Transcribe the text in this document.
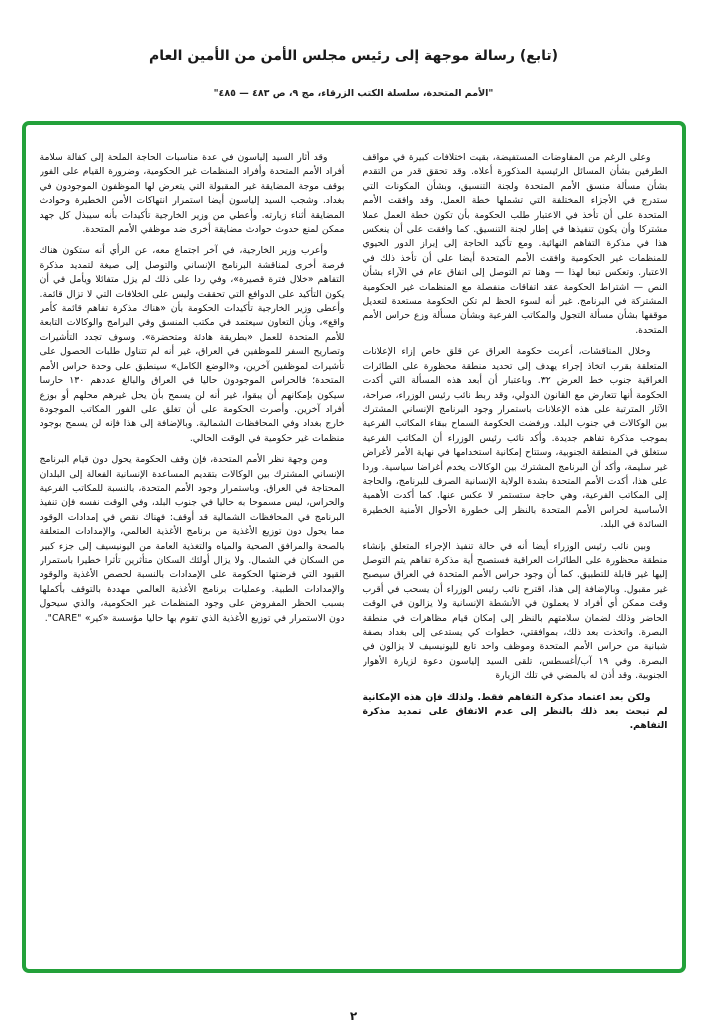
(تابع) رسالة موجهة إلى رئيس مجلس الأمن من الأمين العام
"الأمم المتحدة، سلسلة الكتب الزرقاء، مج ٩، ص ٤٨٣ — ٤٨٥"

وعلى الرغم من المفاوضات المستفيضة، بقيت اختلافات كبيرة في مواقف الطرفين بشأن المسائل الرئيسية المذكورة أعلاه. وقد تحقق قدر من التقدم بشأن مسألة منسق الأمم المتحدة ولجنة التنسيق، وبشأن المكونات التي ستدرج في الأجزاء المختلفة التي تشملها خطة العمل. وقد وافقت الأمم المتحدة على أن تأخذ في الاعتبار طلب الحكومة بأن تكون خطة العمل عملا مشتركا وأن يكون تنفيذها في إطار لجنة التنسيق. كما وافقت على أن ينعكس هذا في مذكرة التفاهم النهائية. ومع تأكيد الحاجة إلى إبراز الدور الحيوي للمنظمات غير الحكومية وافقت الأمم المتحدة أيضا على أن تأخذ ذلك في الاعتبار. وتعكس تبعا لهذا — وهنا تم التوصل إلى اتفاق عام في الآراء بشأن النص — اشتراط الحكومة عقد اتفاقات منفصلة مع المنظمات غير الحكومية المشتركة في البرنامج. غير أنه لسوء الحظ لم تكن الحكومة مستعدة لتعديل موقفها بشأن مسألة التجول والمكاتب الفرعية وبشأن مسألة وزع حراس الأمم المتحدة.

وخلال المناقشات، أعربت حكومة العراق عن قلق خاص إزاء الإعلانات المتعلقة بقرب اتخاذ إجراء يهدف إلى تحديد منطقة محظورة على الطائرات العراقية جنوب خط العرض ٣٢. وباعتبار أن أبعد هذه المسألة التي أكدت الحكومة أنها تتعارض مع القانون الدولي، وقد ربط نائب رئيس الوزراء، صراحة، الآثار المترتبة على هذه الإعلانات باستمرار وجود البرنامج الإنساني المشترك بين الوكالات في جنوب البلد. ورفضت الحكومة السماح ببقاء المكاتب الفرعية بموجب مذكرة تفاهم جديدة. وأكد نائب رئيس الوزراء أن المكاتب الفرعية ستغلق في المنطقة الجنوبية، وستتاح إمكانية استخدامها في نهاية الأمر لأغراض غير سليمة، وأكد أن البرنامج المشترك بين الوكالات يخدم أغراضا سياسية. وردا على هذا، أكدت الأمم المتحدة بشدة الولاية الإنسانية الصرف للبرنامج، والحاجة إلى المكاتب الفرعية، وهي حاجة ستستمر لا عكس عنها. كما أكدت الأهمية الأساسية لحراس الأمم المتحدة بالنظر إلى خطورة الأحوال الأمنية الخطيرة السائدة في البلد.

وبين نائب رئيس الوزراء أيضا أنه في حالة تنفيذ الإجراء المتعلق بإنشاء منطقة محظورة على الطائرات العراقية فستصبح أية مذكرة تفاهم يتم التوصل إليها غير قابلة للتطبيق. كما أن وجود حراس الأمم المتحدة في العراق سيصبح غير مقبول. وبالإضافة إلى هذا، اقترح نائب رئيس الوزراء أن يسحب في أقرب وقت ممكن أي أفراد لا يعملون في الأنشطة الإنسانية ولا يزالون في الوقت الحاضر وذلك لضمان سلامتهم بالنظر إلى إمكان قيام مظاهرات في منطقة البصرة. واتخذت بعد ذلك، بموافقتي، خطوات كي يستدعى إلى بغداد بصفة شبانية من حراس الأمم المتحدة وموظف واحد تابع لليونيسيف لا يزالون في البصرة. وفي ١٩ آب/أغسطس، تلقى السيد إلياسون دعوة لزيارة الأهوار الجنوبية. وقد أذن له بالمضي في تلك الزيارة

ولكن بعد اعتماد مذكرة التفاهم فقط. ولذلك فإن هذه الإمكانية لم تبحث بعد ذلك بالنظر إلى عدم الاتفاق على تمديد مذكرة التفاهم.

وقد أثار السيد إلياسون في عدة مناسبات الحاجة الملحة إلى كفالة سلامة أفراد الأمم المتحدة وأفراد المنظمات غير الحكومية، وضرورة القيام على الفور بوقف موجة المضايقة غير المقبولة التي يتعرض لها الموظفون الموجودون في بغداد. وشجب السيد إلياسون أيضا استمرار انتهاكات الأمن الخطيرة وحوادث المضايقة أثناء زيارته. وأعطي من وزير الخارجية تأكيدات بأنه سيبذل كل جهد ممكن لمنع حدوث حوادث مضايقة أخرى ضد موظفي الأمم المتحدة.

وأعرب وزير الخارجية، في آخر اجتماع معه، عن الرأي أنه ستكون هناك فرصة أخرى لمناقشة البرنامج الإنساني والتوصل إلى صيغة لتمديد مذكرة التفاهم «خلال فترة قصيرة»، وفي ردا على ذلك لم يزل متفائلا ويأمل في أن يكون التأكيد على الدوافع التي تحققت وليس على الخلافات التي لا تزال قائمة. وأعطى وزير الخارجية تأكيدات الحكومة بأن «هناك مذكرة تفاهم قائمة كأمر واقع»، وبأن التعاون سيعتمد في مكتب المنسق وفي البرامج والوكالات التابعة للأمم المتحدة للعمل «بطريقة هادئة ومتحضرة». وسوف تجدد التأشيرات وتصاريح السفر للموظفين في العراق، غير أنه لم تتناول طلبات الحصول على تأشيرات لموظفين آخرين، و«الوضع الكامل» سينطبق على وحدة حراس الأمم المتحدة؛ فالحراس الموجودون حاليا في العراق والبالغ عددهم ١٣٠ حارسا سيكون بإمكانهم أن يبقوا، غير أنه لن يسمح بأن يحل غيرهم محلهم أو بوزع أفراد آخرين. وأصرت الحكومة على أن تغلق على الفور المكاتب الموجودة خارج بغداد وفي المحافظات الشمالية. وبالإضافة إلى هذا فإنه لن يسمح بوجود منظمات غير حكومية في الوقت الحالي.

ومن وجهة نظر الأمم المتحدة، فإن وقف الحكومة يحول دون قيام البرنامج الإنساني المشترك بين الوكالات بتقديم المساعدة الإنسانية الفعالة إلى البلدان المحتاجة في العراق. وباستمرار وجود الأمم المتحدة، بالنسبة للمكاتب الفرعية والحراس، ليس مسموحا به حاليا في جنوب البلد، وفي الوقت نفسه فإن تنفيذ البرنامج في المحافظات الشمالية قد أوقف: فهناك نقص في إمدادات الوقود مما يحول دون توزيع الأغذية من برنامج الأغذية العالمي، والإمدادات المتعلقة بالصحة والمرافق الصحية والمياه والتغذية العامة من اليونيسيف إلى جزء كبير من السكان في الشمال. ولا يزال أولئك السكان متأثرين تأثرا خطيرا باستمرار القيود التي فرضتها الحكومة على الإمدادات بالنسبة لحصص الأغذية والوقود والإمدادات الطبية. وعمليات برنامج الأغذية العالمي مهددة بالتوقف بأكملها بسبب الحظر المفروض على وجود المنظمات غير الحكومية، والذي سيحول دون الاستمرار في توزيع الأغذية الذي تقوم بها حاليا مؤسسة «كير» "CARE".

٢
